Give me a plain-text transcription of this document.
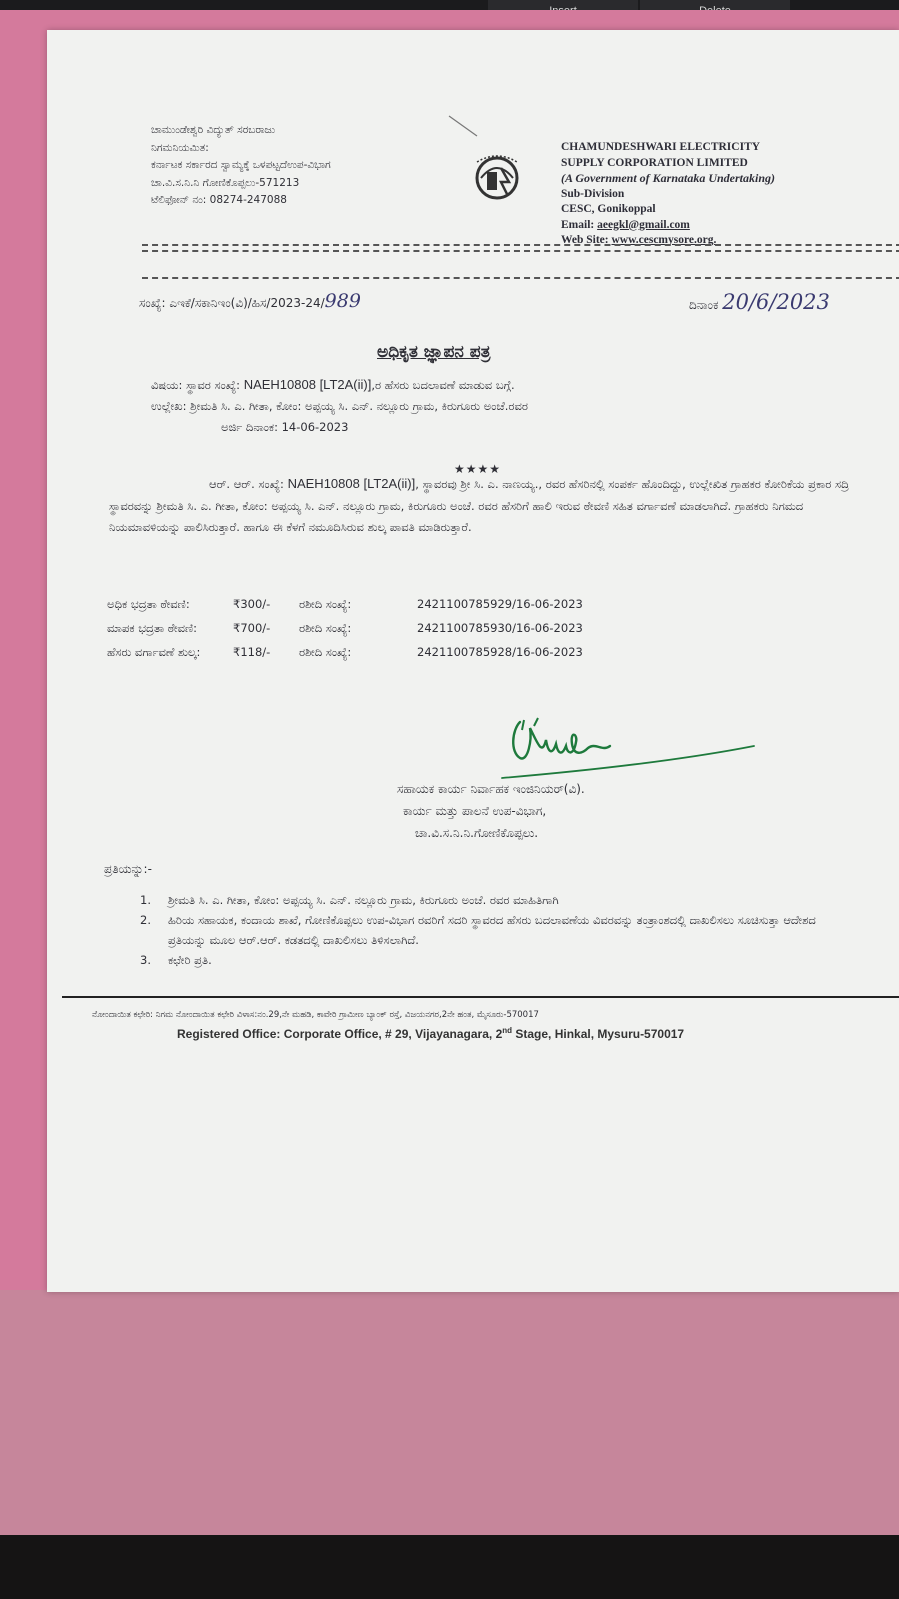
ಚಾಮುಂಡೇಶ್ವರಿ ವಿದ್ಯುತ್ ಸರಬರಾಜು
ನಿಗಮನಿಯಮಿತ:
ಕರ್ನಾಟಕ ಸರ್ಕಾರದ ಸ್ವಾಮ್ಯಕ್ಕೆ ಒಳಪಟ್ಟದೆಉಪ-ವಿಭಾಗ
ಚಾ.ವಿ.ಸ.ನಿ.ನಿ ಗೋಣಿಕೊಪ್ಪಲು-571213
ಟೆಲಿಫೋನ್ ನಂ: 08274-247088
CHAMUNDESHWARI ELECTRICITY
SUPPLY CORPORATION LIMITED
(A Government of Karnataka Undertaking)
Sub-Division
CESC, Gonikoppal
Email: aeegkl@gmail.com
Web Site: www.cescmysore.org.
ಸಂಖ್ಯೆ: ಎಇಕೆ/ಸಕಾನಿಇಂ(ವಿ)/ಹಿಸ/2023-24/989	ದಿನಾಂಕ 20/6/2023
ಅಧಿಕೃತ ಜ್ಞಾಪನ ಪತ್ರ
ವಿಷಯ: ಸ್ಥಾವರ ಸಂಖ್ಯೆ: NAEH10808 [LT2A(ii)],ರ ಹೆಸರು ಬದಲಾವಣೆ ಮಾಡುವ ಬಗ್ಗೆ.
ಉಲ್ಲೇಖ: ಶ್ರೀಮತಿ ಸಿ. ಎ. ಗೀತಾ, ಕೋಂ: ಅಪ್ಪಯ್ಯ ಸಿ. ಎನ್. ನಲ್ಲೂರು ಗ್ರಾಮ, ಕಿರುಗೂರು ಅಂಚೆ.ರವರ
ಅರ್ಜಿ ದಿನಾಂಕ: 14-06-2023
★★★★
ಆರ್. ಆರ್. ಸಂಖ್ಯೆ: NAEH10808 [LT2A(ii)], ಸ್ಥಾವರವು ಶ್ರೀ ಸಿ. ಎ. ನಾಣಯ್ಯ., ರವರ ಹೆಸರಿನಲ್ಲಿ ಸಂಪರ್ಕ ಹೊಂದಿದ್ದು, ಉಲ್ಲೇಖಿತ ಗ್ರಾಹಕರ ಕೋರಿಕೆಯ ಪ್ರಕಾರ ಸದ್ರಿ ಸ್ಥಾವರವನ್ನು ಶ್ರೀಮತಿ ಸಿ. ಎ. ಗೀತಾ, ಕೋಂ: ಅಪ್ಪಯ್ಯ ಸಿ. ಎನ್. ನಲ್ಲೂರು ಗ್ರಾಮ, ಕಿರುಗೂರು ಅಂಚೆ. ರವರ ಹೆಸರಿಗೆ ಹಾಲಿ ಇರುವ ಠೇವಣಿ ಸಹಿತ ವರ್ಗಾವಣೆ ಮಾಡಲಾಗಿದೆ. ಗ್ರಾಹಕರು ನಿಗಮದ ನಿಯಮಾವಳಿಯನ್ನು ಪಾಲಿಸಿರುತ್ತಾರೆ. ಹಾಗೂ ಈ ಕೆಳಗೆ ನಮೂದಿಸಿರುವ ಶುಲ್ಕ ಪಾವತಿ ಮಾಡಿರುತ್ತಾರೆ.
ಅಧಿಕ ಭದ್ರತಾ ಠೇವಣಿ:	₹300/- ರಶೀದಿ ಸಂಖ್ಯೆ:	2421100785929/16-06-2023
ಮಾಪಕ ಭದ್ರತಾ ಠೇವಣಿ:	₹700/- ರಶೀದಿ ಸಂಖ್ಯೆ:	2421100785930/16-06-2023
ಹೆಸರು ವರ್ಗಾವಣೆ ಶುಲ್ಕ:	₹118/- ರಶೀದಿ ಸಂಖ್ಯೆ:	2421100785928/16-06-2023
ಸಹಾಯಕ ಕಾರ್ಯ ನಿರ್ವಾಹಕ ಇಂಜಿನಿಯರ್(ವಿ).
ಕಾರ್ಯ ಮತ್ತು ಪಾಲನೆ ಉಪ-ವಿಭಾಗ,
ಚಾ.ವಿ.ಸ.ನಿ.ನಿ.ಗೋಣಿಕೊಪ್ಪಲು.
ಪ್ರತಿಯನ್ನು:-
1. ಶ್ರೀಮತಿ ಸಿ. ಎ. ಗೀತಾ, ಕೋಂ: ಅಪ್ಪಯ್ಯ ಸಿ. ಎನ್. ನಲ್ಲೂರು ಗ್ರಾಮ, ಕಿರುಗೂರು ಅಂಚೆ. ರವರ ಮಾಹಿತಿಗಾಗಿ
2. ಹಿರಿಯ ಸಹಾಯಕ, ಕಂದಾಯ ಶಾಖೆ, ಗೋಣಿಕೊಪ್ಪಲು ಉಪ-ವಿಭಾಗ ರವರಿಗೆ ಸದರಿ ಸ್ಥಾವರದ ಹೆಸರು ಬದಲಾವಣೆಯ ವಿವರವನ್ನು ತಂತ್ರಾಂಶದಲ್ಲಿ ದಾಖಲಿಸಲು ಸೂಚಿಸುತ್ತಾ ಆದೇಶದ ಪ್ರತಿಯನ್ನು ಮೂಲ ಆರ್.ಆರ್. ಕಡತದಲ್ಲಿ ದಾಖಲಿಸಲು ತಿಳಿಸಲಾಗಿದೆ.
3. ಕಛೇರಿ ಪ್ರತಿ.
ನೋಂದಾಯಿತ ಕಛೇರಿ: ನಿಗಮ ನೋಂದಾಯಿತ ಕಛೇರಿ ವಿಳಾಸ:ನಂ.29,ನೇ ಮಹಡಿ, ಕಾವೇರಿ ಗ್ರಾಮೀಣ ಬ್ಯಾಂಕ್ ರಸ್ತೆ, ವಿಜಯನಗರ,2ನೇ ಹಂತ, ಮೈಸೂರು-570017
Registered Office: Corporate Office, # 29, Vijayanagara, 2nd Stage, Hinkal, Mysuru-570017
